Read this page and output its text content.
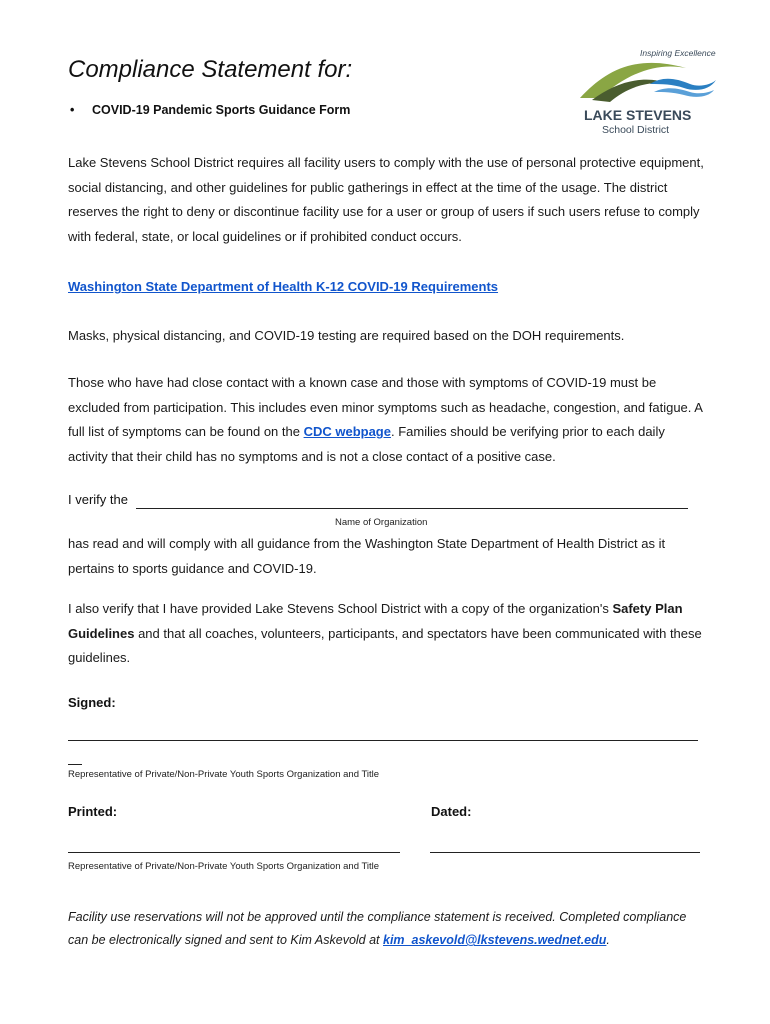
Compliance Statement for:
• COVID-19 Pandemic Sports Guidance Form
Inspiring Excellence
LAKE STEVENS
School District

Lake Stevens School District requires all facility users to comply with the use of personal protective equipment, social distancing, and other guidelines for public gatherings in effect at the time of the usage. The district reserves the right to deny or discontinue facility use for a user or group of users if such users refuse to comply with federal, state, or local guidelines or if prohibited conduct occurs.

Washington State Department of Health K-12 COVID-19 Requirements

Masks, physical distancing, and COVID-19 testing are required based on the DOH requirements.

Those who have had close contact with a known case and those with symptoms of COVID-19 must be excluded from participation. This includes even minor symptoms such as headache, congestion, and fatigue. A full list of symptoms can be found on the CDC webpage. Families should be verifying prior to each daily activity that their child has no symptoms and is not a close contact of a positive case.

I verify the
Name of Organization

has read and will comply with all guidance from the Washington State Department of Health District as it pertains to sports guidance and COVID-19.

I also verify that I have provided Lake Stevens School District with a copy of the organization's Safety Plan Guidelines and that all coaches, volunteers, participants, and spectators have been communicated with these guidelines.

Signed:
Representative of Private/Non-Private Youth Sports Organization and Title
Printed:	Dated:
Representative of Private/Non-Private Youth Sports Organization and Title

Facility use reservations will not be approved until the compliance statement is received. Completed compliance can be electronically signed and sent to Kim Askevold at kim_askevold@lkstevens.wednet.edu.
